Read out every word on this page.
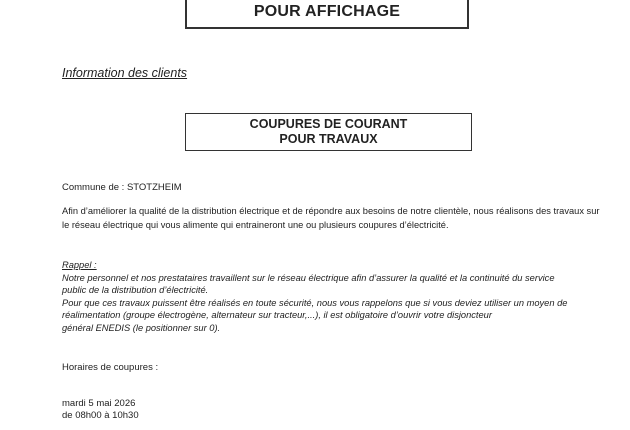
POUR AFFICHAGE
Information des clients
COUPURES DE COURANT
POUR TRAVAUX
Commune de : STOTZHEIM
Afin d’améliorer la qualité de la distribution électrique et de répondre aux besoins de notre clientèle, nous réalisons des travaux sur le réseau électrique qui vous alimente qui entraineront une ou plusieurs coupures d’électricité.
Rappel :
Notre personnel et nos prestataires travaillent sur le réseau électrique afin d’assurer la qualité et la continuité du service
public de la distribution d’électricité.
Pour que ces travaux puissent être réalisés en toute sécurité, nous vous rappelons que si vous deviez utiliser un moyen de
réalimentation (groupe électrogène, alternateur sur tracteur,...), il est obligatoire d’ouvrir votre disjoncteur
général ENEDIS (le positionner sur 0).
Horaires de coupures :
mardi 5 mai 2026
de 08h00 à 10h30
